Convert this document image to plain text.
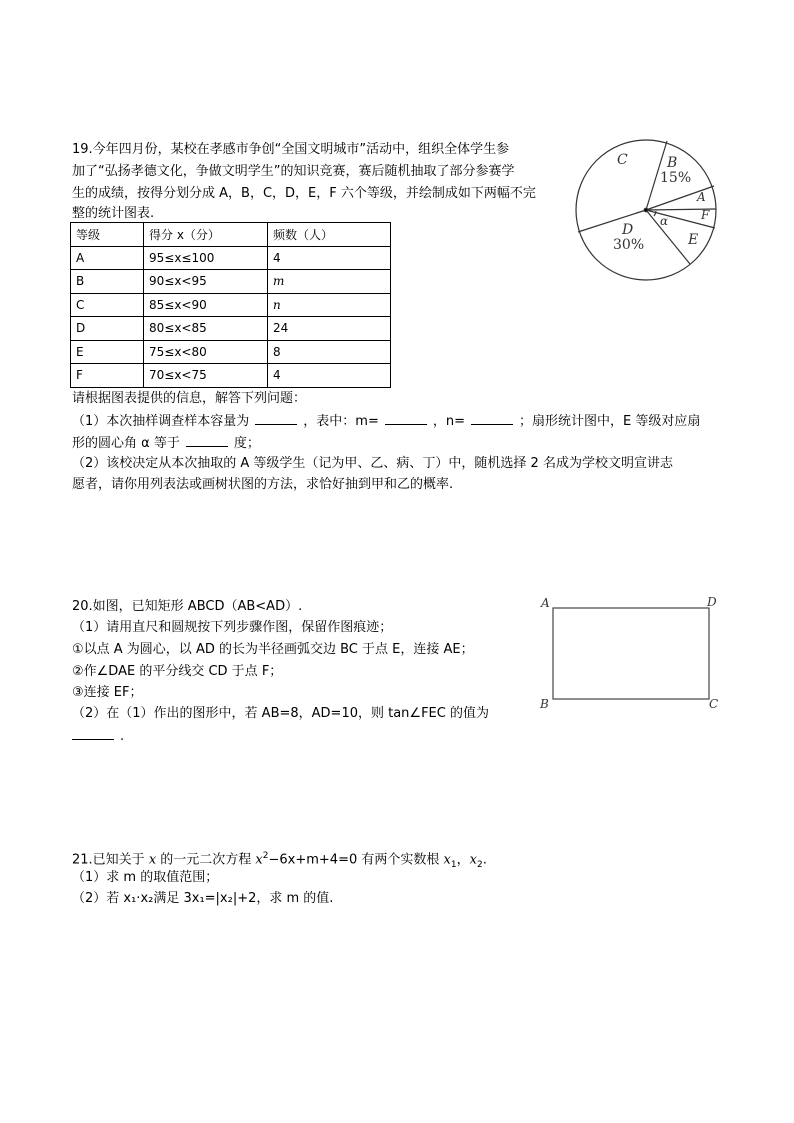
19.今年四月份，某校在孝感市争创“全国文明城市”活动中，组织全体学生参
加了“弘扬孝德文化，争做文明学生”的知识竞赛，赛后随机抽取了部分参赛学
生的成绩，按得分划分成 A，B，C，D，E，F 六个等级，并绘制成如下两幅不完
整的统计图表.
等级	得分 x（分）	频数（人）
A	95≤x≤100	4
B	90≤x<95	m
C	85≤x<90	n
D	80≤x<85	24
E	75≤x<80	8
F	70≤x<75	4
C	B
15%
A
F
E
D
30%
α
请根据图表提供的信息，解答下列问题：
（1）本次抽样调查样本容量为	，表中：m=	，n=	；扇形统计图中，E 等级对应扇
形的圆心角 α 等于	度；
（2）该校决定从本次抽取的 A 等级学生（记为甲、乙、病、丁）中，随机选择 2 名成为学校文明宣讲志
愿者，请你用列表法或画树状图的方法，求恰好抽到甲和乙的概率.
20.如图，已知矩形 ABCD（AB<AD）.
（1）请用直尺和圆规按下列步骤作图，保留作图痕迹；
①以点 A 为圆心，以 AD 的长为半径画弧交边 BC 于点 E，连接 AE；
②作∠DAE 的平分线交 CD 于点 F；
③连接 EF；
（2）在（1）作出的图形中，若 AB=8，AD=10，则 tan∠FEC 的值为
.
A	D
B	C
21.已知关于 x 的一元二次方程 $x^2-6x+m+4=0$ 有两个实数根 $x_1$，$x_2$.
（1）求 m 的取值范围；
（2）若 x₁·x₂满足 3x₁=|x₂|+2，求 m 的值.
